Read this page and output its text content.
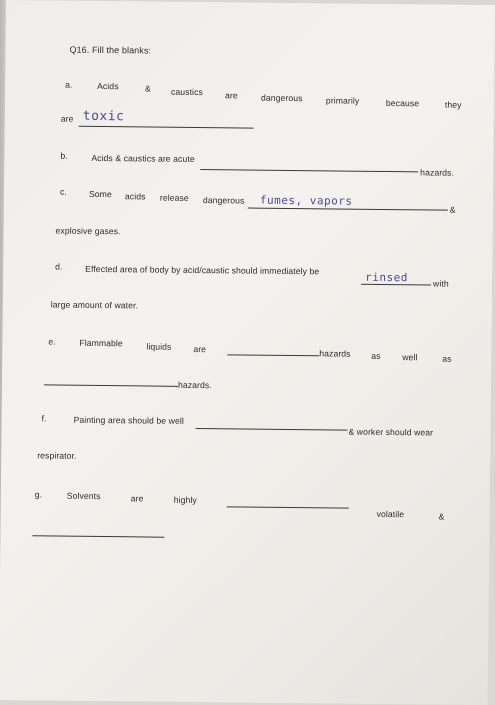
Q16. Fill the blanks:
a.	Acids	& caustics	are	dangerous	primarily	because	they
are toxic
b.	Acids & caustics are acute
hazards.
c.	Some acids release dangerous fumes, vapors
&
explosive gases.
d.	Effected area of body by acid/caustic should immediately be
rinsed	with
large amount of water.
e.	Flammable	liquids	are	hazards as	well	as
hazards.
f.	Painting area should be well
& worker should wear
respirator.
g.	Solvents	are	highly
volatile	&
